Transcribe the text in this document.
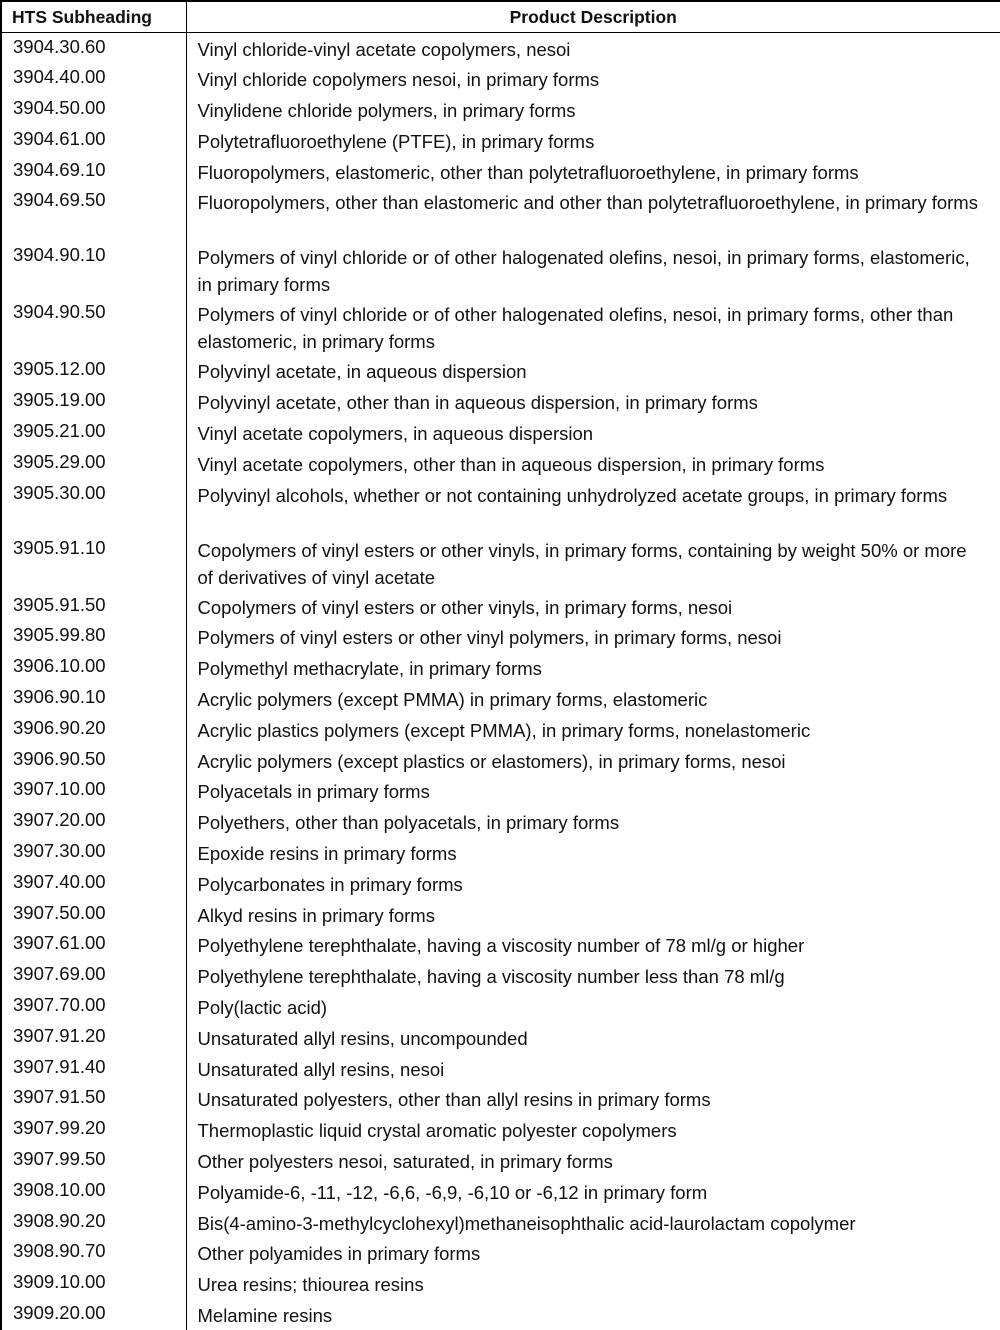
HTS Subheading	Product Description

3904.30.60	Vinyl chloride-vinyl acetate copolymers, nesoi

3904.40.00	Vinyl chloride copolymers nesoi, in primary forms

3904.50.00	Vinylidene chloride polymers, in primary forms

3904.61.00	Polytetrafluoroethylene (PTFE), in primary forms

3904.69.10	Fluoropolymers, elastomeric, other than polytetrafluoroethylene, in primary forms

3904.69.50	Fluoropolymers, other than elastomeric and other than polytetrafluoroethylene, in primary forms

3904.90.10	Polymers of vinyl chloride or of other halogenated olefins, nesoi, in primary forms, elastomeric, in primary forms

3904.90.50	Polymers of vinyl chloride or of other halogenated olefins, nesoi, in primary forms, other than elastomeric, in primary forms

3905.12.00	Polyvinyl acetate, in aqueous dispersion

3905.19.00	Polyvinyl acetate, other than in aqueous dispersion, in primary forms

3905.21.00	Vinyl acetate copolymers, in aqueous dispersion

3905.29.00	Vinyl acetate copolymers, other than in aqueous dispersion, in primary forms

3905.30.00	Polyvinyl alcohols, whether or not containing unhydrolyzed acetate groups, in primary forms

3905.91.10	Copolymers of vinyl esters or other vinyls, in primary forms, containing by weight 50% or more of derivatives of vinyl acetate

3905.91.50	Copolymers of vinyl esters or other vinyls, in primary forms, nesoi

3905.99.80	Polymers of vinyl esters or other vinyl polymers, in primary forms, nesoi

3906.10.00	Polymethyl methacrylate, in primary forms

3906.90.10	Acrylic polymers (except PMMA) in primary forms, elastomeric

3906.90.20	Acrylic plastics polymers (except PMMA), in primary forms, nonelastomeric

3906.90.50	Acrylic polymers (except plastics or elastomers), in primary forms, nesoi

3907.10.00	Polyacetals in primary forms

3907.20.00	Polyethers, other than polyacetals, in primary forms

3907.30.00	Epoxide resins in primary forms

3907.40.00	Polycarbonates in primary forms

3907.50.00	Alkyd resins in primary forms

3907.61.00	Polyethylene terephthalate, having a viscosity number of 78 ml/g or higher

3907.69.00	Polyethylene terephthalate, having a viscosity number less than 78 ml/g

3907.70.00	Poly(lactic acid)

3907.91.20	Unsaturated allyl resins, uncompounded

3907.91.40	Unsaturated allyl resins, nesoi

3907.91.50	Unsaturated polyesters, other than allyl resins in primary forms

3907.99.20	Thermoplastic liquid crystal aromatic polyester copolymers

3907.99.50	Other polyesters nesoi, saturated, in primary forms

3908.10.00	Polyamide-6, -11, -12, -6,6, -6,9, -6,10 or -6,12 in primary form

3908.90.20	Bis(4-amino-3-methylcyclohexyl)methaneisophthalic acid-laurolactam copolymer

3908.90.70	Other polyamides in primary forms

3909.10.00	Urea resins; thiourea resins

3909.20.00	Melamine resins
